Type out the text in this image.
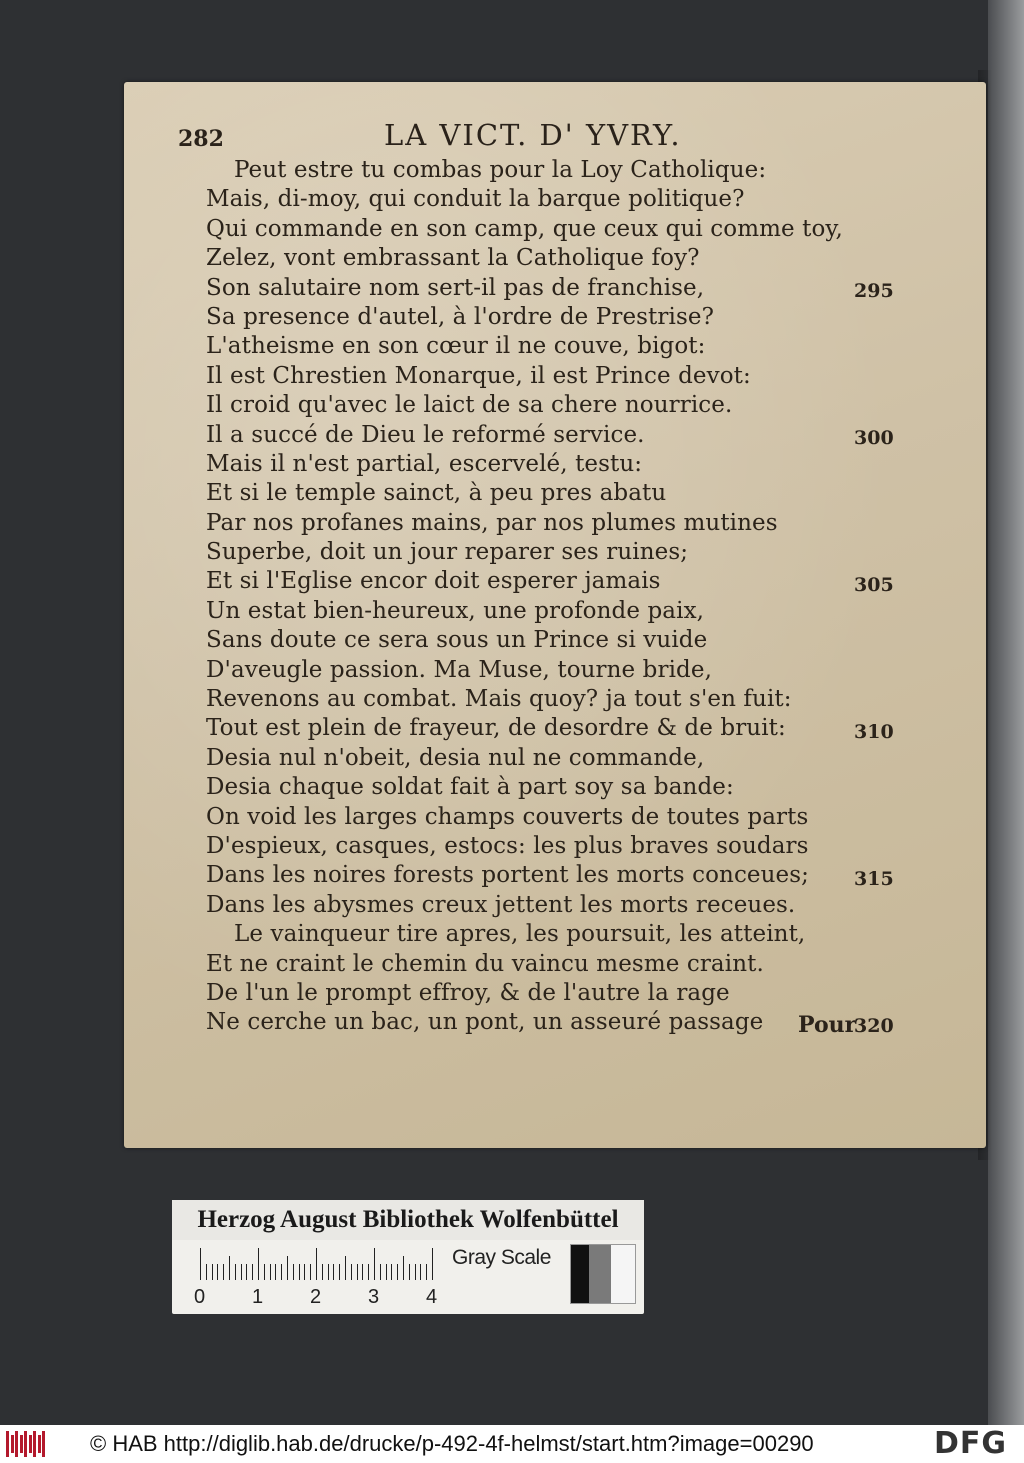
282	LA VICT. D' YVRY.
Peut estre tu combas pour la Loy Catholique:
Mais, di-moy, qui conduit la barque politique?
Qui commande en son camp, que ceux qui comme toy,
Zelez, vont embrassant la Catholique foy?
Son salutaire nom sert-il pas de franchise,
Sa presence d'autel, à l'ordre de Prestrise?
L'atheisme en son cœur il ne couve, bigot:
Il est Chrestien Monarque, il est Prince devot:
Il croid qu'avec le laict de sa chere nourrice.
Il a succé de Dieu le reformé service.
Mais il n'est partial, escervelé, testu:
Et si le temple sainct, à peu pres abatu
Par nos profanes mains, par nos plumes mutines
Superbe, doit un jour reparer ses ruines;
Et si l'Eglise encor doit esperer jamais
Un estat bien-heureux, une profonde paix,
Sans doute ce sera sous un Prince si vuide
D'aveugle passion. Ma Muse, tourne bride,
Revenons au combat. Mais quoy? ja tout s'en fuit:
Tout est plein de frayeur, de desordre & de bruit:
Desia nul n'obeit, desia nul ne commande,
Desia chaque soldat fait à part soy sa bande:
On void les larges champs couverts de toutes parts
D'espieux, casques, estocs: les plus braves soudars
Dans les noires forests portent les morts conceues;
Dans les abysmes creux jettent les morts receues.
Le vainqueur tire apres, les poursuit, les atteint,
Et ne craint le chemin du vaincu mesme craint.
De l'un le prompt effroy, & de l'autre la rage
Ne cerche un bac, un pont, un asseuré passage
295
300
305
310
315
320
Pour
Herzog August Bibliothek Wolfenbüttel
0 1 2 3 4
Gray Scale
© HAB http://diglib.hab.de/drucke/p-492-4f-helmst/start.htm?image=00290	DFG
